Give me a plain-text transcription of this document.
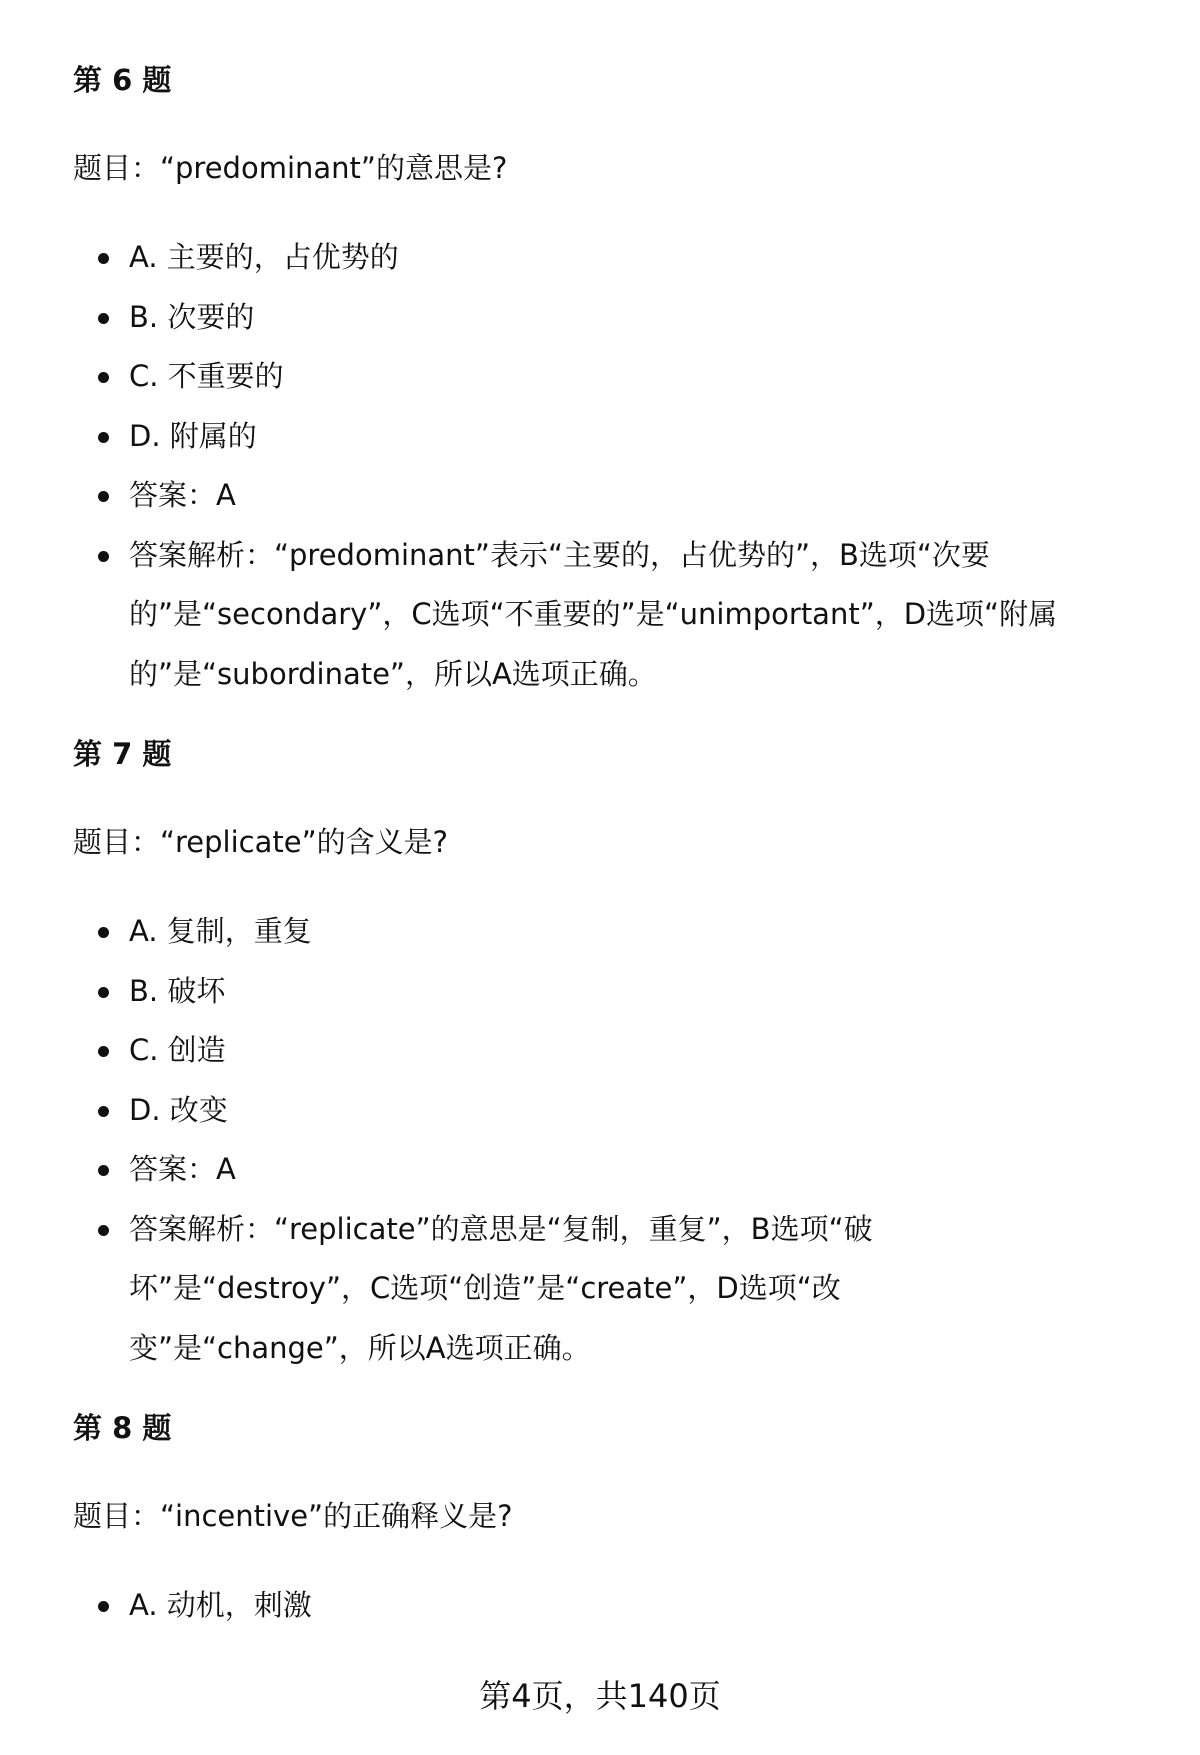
第 6 题
题目：“predominant”的意思是?
A. 主要的，占优势的
B. 次要的
C. 不重要的
D. 附属的
答案：A
答案解析：“predominant”表示“主要的，占优势的”，B选项“次要的”是“secondary”，C选项“不重要的”是“unimportant”，D选项“附属的”是“subordinate”，所以A选项正确。
第 7 题
题目：“replicate”的含义是?
A. 复制，重复
B. 破坏
C. 创造
D. 改变
答案：A
答案解析：“replicate”的意思是“复制，重复”，B选项“破坏”是“destroy”，C选项“创造”是“create”，D选项“改变”是“change”，所以A选项正确。
第 8 题
题目：“incentive”的正确释义是?
A. 动机，刺激
第4页，共140页
